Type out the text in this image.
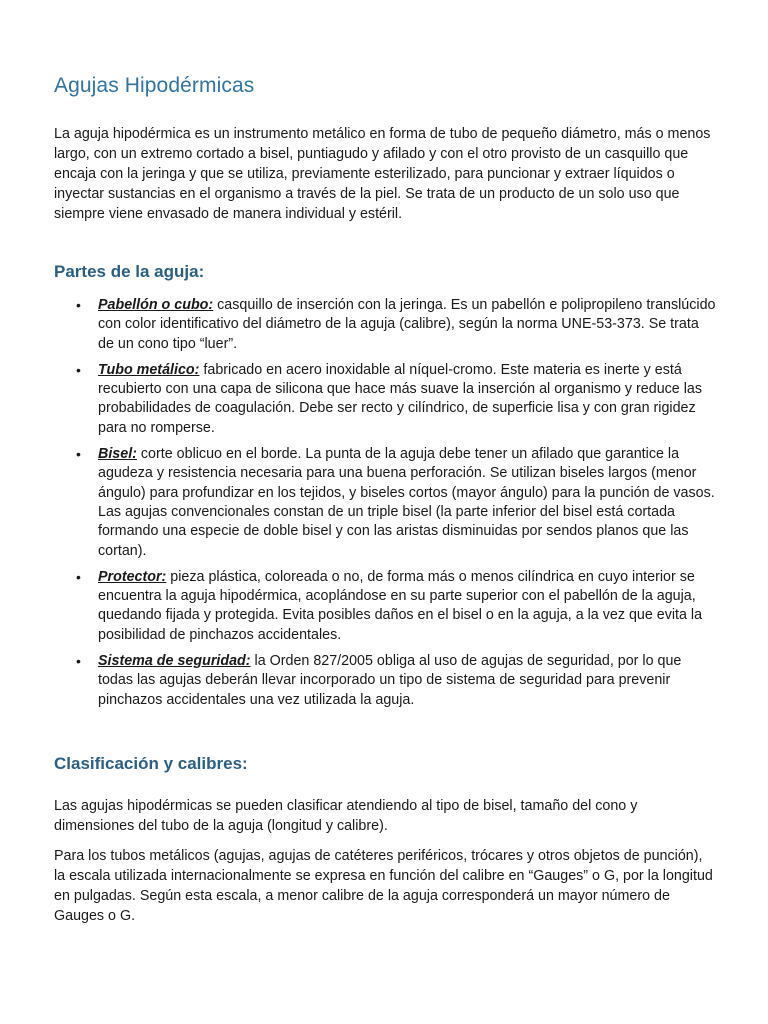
Agujas Hipodérmicas

La aguja hipodérmica es un instrumento metálico en forma de tubo de pequeño diámetro, más o menos largo, con un extremo cortado a bisel, puntiagudo y afilado y con el otro provisto de un casquillo que encaja con la jeringa y que se utiliza, previamente esterilizado, para puncionar y extraer líquidos o inyectar sustancias en el organismo a través de la piel. Se trata de un producto de un solo uso que siempre viene envasado de manera individual y estéril.

Partes de la aguja:
• Pabellón o cubo: casquillo de inserción con la jeringa. Es un pabellón e polipropileno translúcido con color identificativo del diámetro de la aguja (calibre), según la norma UNE-53-373. Se trata de un cono tipo “luer”.
• Tubo metálico: fabricado en acero inoxidable al níquel-cromo. Este materia es inerte y está recubierto con una capa de silicona que hace más suave la inserción al organismo y reduce las probabilidades de coagulación. Debe ser recto y cilíndrico, de superficie lisa y con gran rigidez para no romperse.
• Bisel: corte oblicuo en el borde. La punta de la aguja debe tener un afilado que garantice la agudeza y resistencia necesaria para una buena perforación. Se utilizan biseles largos (menor ángulo) para profundizar en los tejidos, y biseles cortos (mayor ángulo) para la punción de vasos. Las agujas convencionales constan de un triple bisel (la parte inferior del bisel está cortada formando una especie de doble bisel y con las aristas disminuidas por sendos planos que las cortan).
• Protector: pieza plástica, coloreada o no, de forma más o menos cilíndrica en cuyo interior se encuentra la aguja hipodérmica, acoplándose en su parte superior con el pabellón de la aguja, quedando fijada y protegida. Evita posibles daños en el bisel o en la aguja, a la vez que evita la posibilidad de pinchazos accidentales.
• Sistema de seguridad: la Orden 827/2005 obliga al uso de agujas de seguridad, por lo que todas las agujas deberán llevar incorporado un tipo de sistema de seguridad para prevenir pinchazos accidentales una vez utilizada la aguja.
Clasificación y calibres:

Las agujas hipodérmicas se pueden clasificar atendiendo al tipo de bisel, tamaño del cono y dimensiones del tubo de la aguja (longitud y calibre).

Para los tubos metálicos (agujas, agujas de catéteres periféricos, trócares y otros objetos de punción), la escala utilizada internacionalmente se expresa en función del calibre en “Gauges” o G, por la longitud en pulgadas. Según esta escala, a menor calibre de la aguja corresponderá un mayor número de Gauges o G.
